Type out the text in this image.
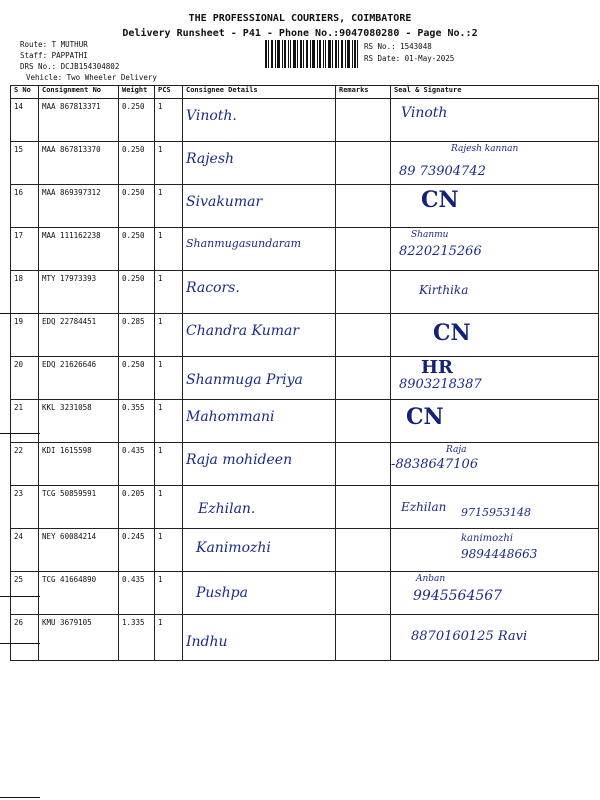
THE PROFESSIONAL COURIERS, COIMBATORE
Delivery Runsheet - P41 - Phone No.:9047080280 - Page No.:2
Route: T MUTHUR
Staff: PAPPATHI
DRS No.: DCJB154304802
Vehicle: Two Wheeler Delivery
RS No.: 1543048
RS Date: 01-May-2025
S No	Consignment No	Weight	PCS	Consignee Details	Remarks	Seal & Signature
14	MAA 867813371	0.250	1	Vinoth.		Vinoth

15	MAA 867813370	0.250	1	Rajesh		Rajesh kannan
89 73904742

16	MAA 869397312	0.250	1	Sivakumar		CN

17	MAA 111162238	0.250	1	Shanmugasundaram		Shanmu
8220215266

18	MTY 17973393	0.250	1	Racors.		Kirthika

19	EDQ 22784451	0.285	1	Chandra Kumar		CN

20	EDQ 21626646	0.250	1	Shanmuga Priya		HR
8903218387

21	KKL 3231058	0.355	1	Mahommani		CN

22	KDI 1615598	0.435	1	Raja mohideen		Raja
-8838647106

23	TCG 50859591	0.205	1	Ezhilan.		Ezhilan 9715953148

24	NEY 60084214	0.245	1	Kanimozhi		kanimozhi
9894448663

25	TCG 41664890	0.435	1	Pushpa		Anban
9945564567

26	KMU 3679105	1.335	1	Indhu		8870160125 Ravi
